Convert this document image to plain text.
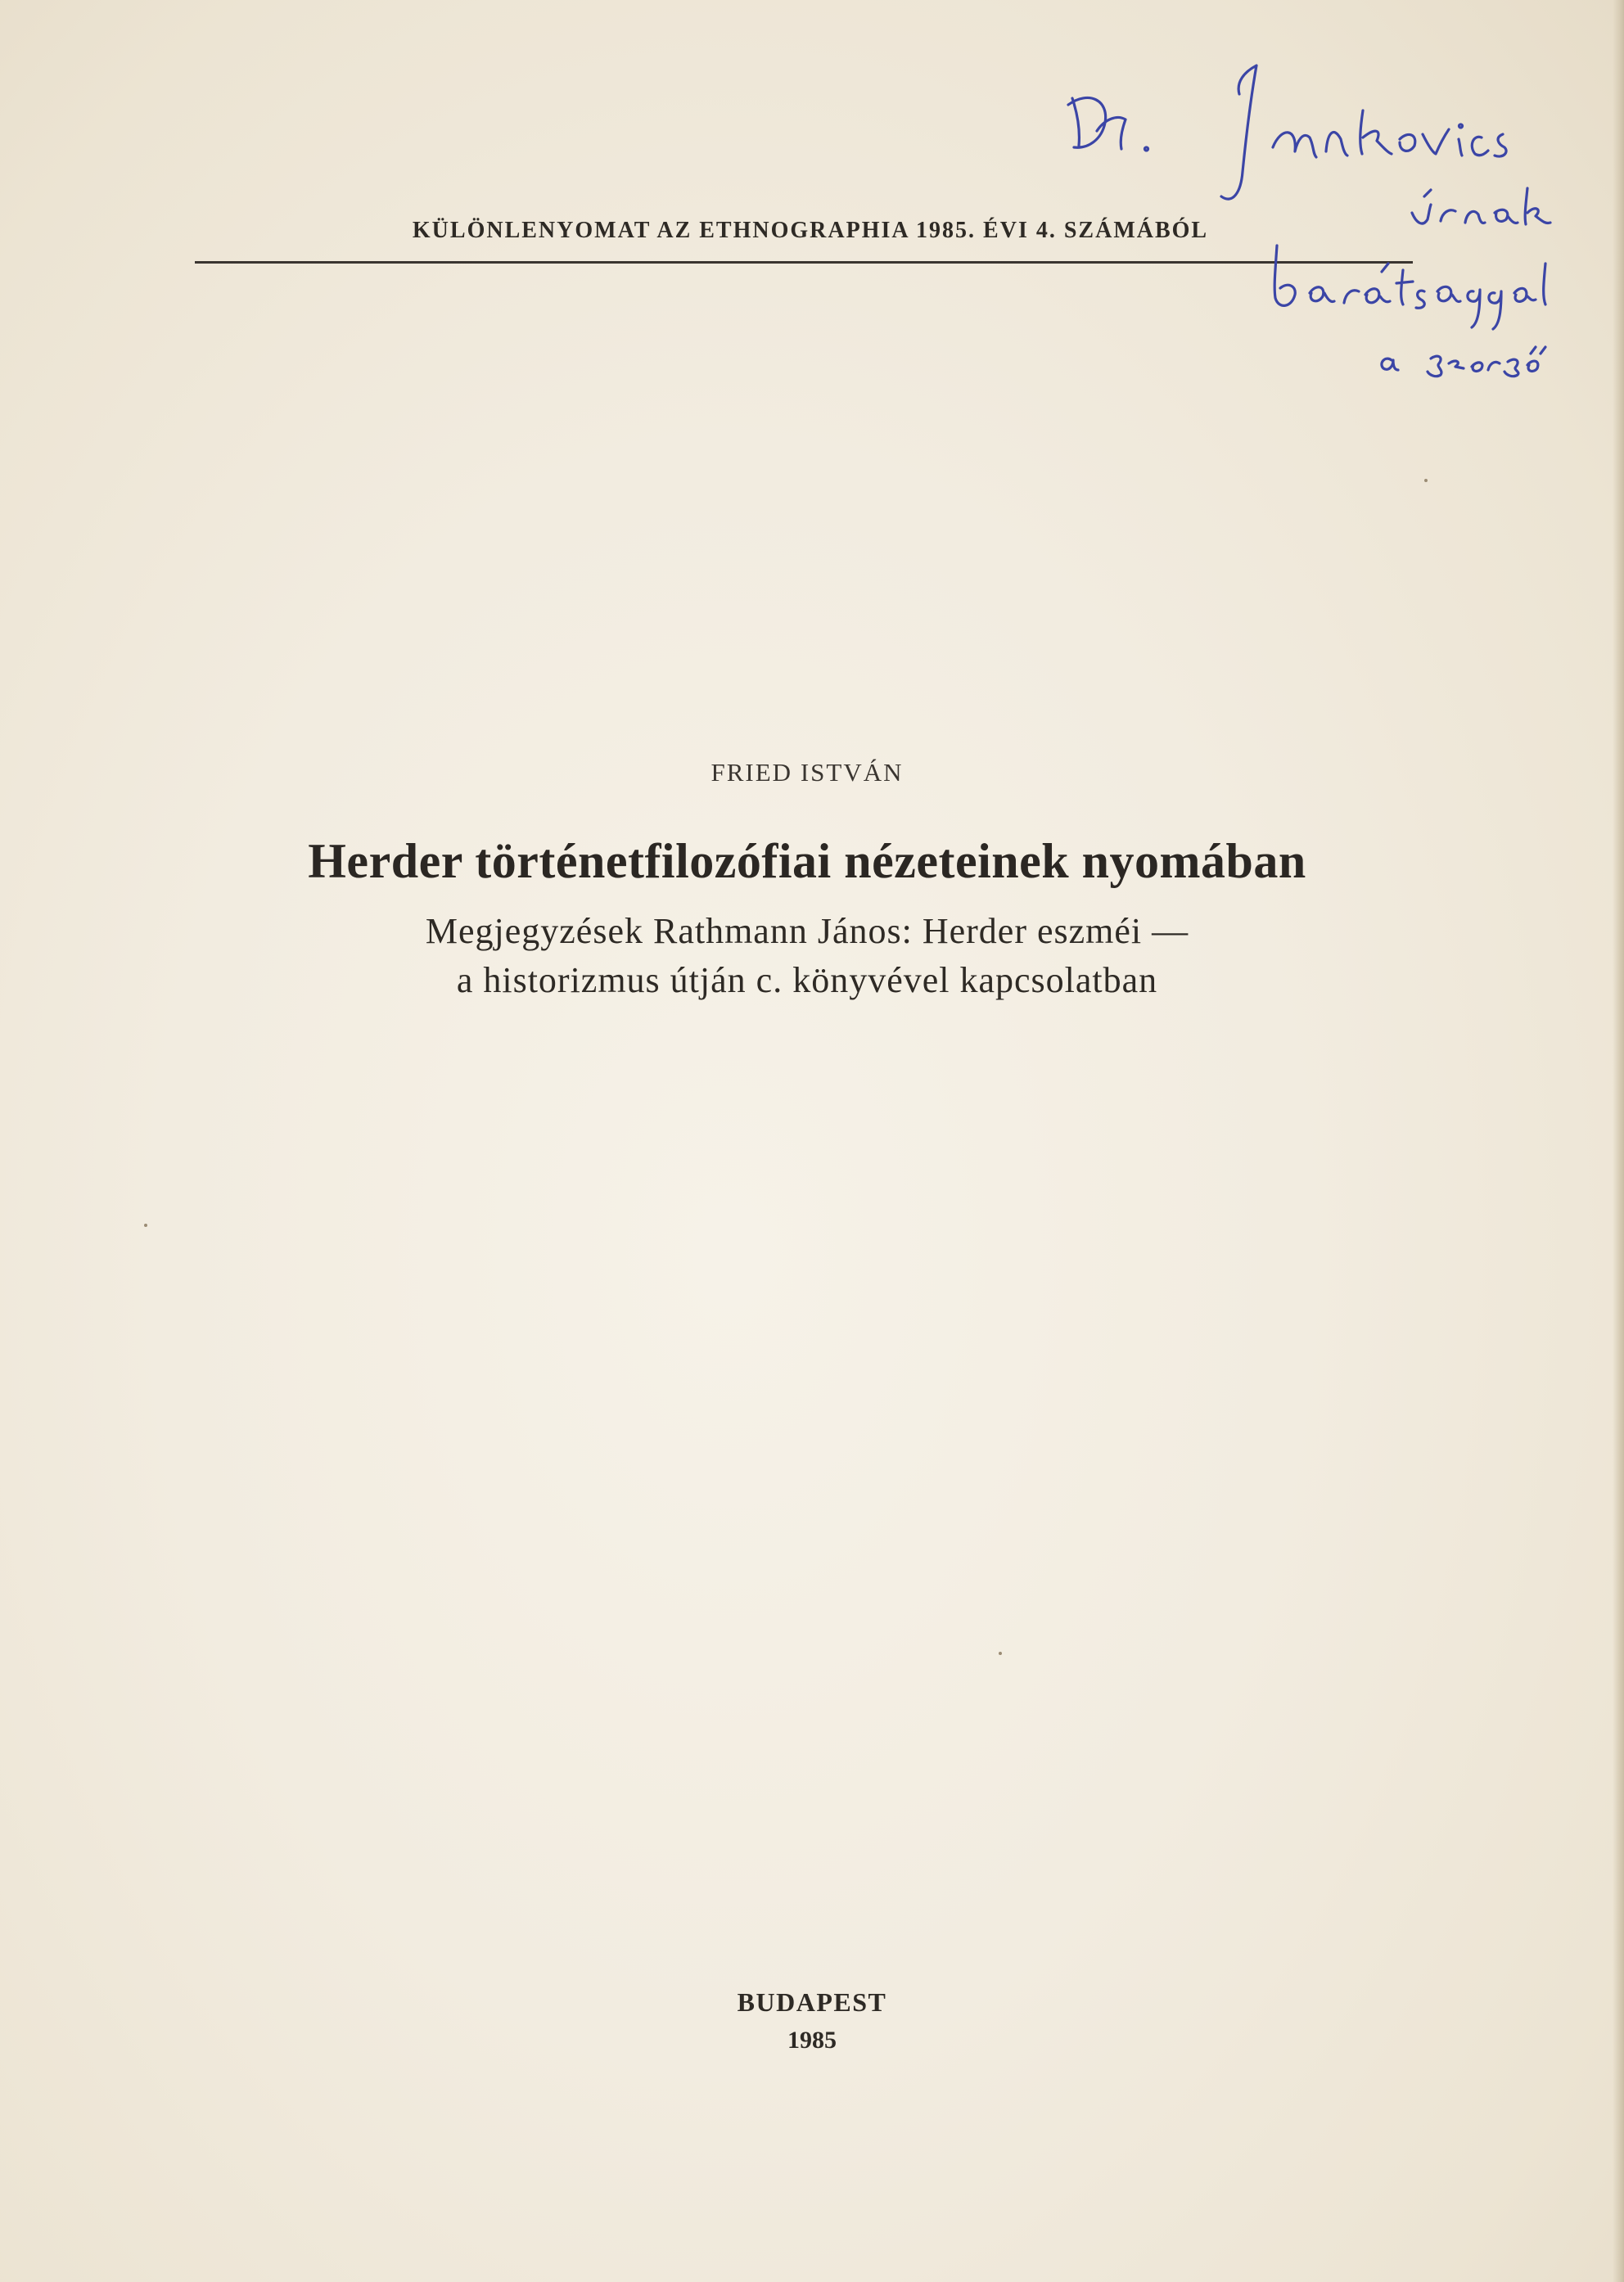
KÜLÖNLENYOMAT AZ ETHNOGRAPHIA 1985. ÉVI 4. SZÁMÁBÓL
FRIED ISTVÁN
Herder történetfilozófiai nézeteinek nyomában
Megjegyzések Rathmann János: Herder eszméi —
a historizmus útján c. könyvével kapcsolatban
BUDAPEST
1985
